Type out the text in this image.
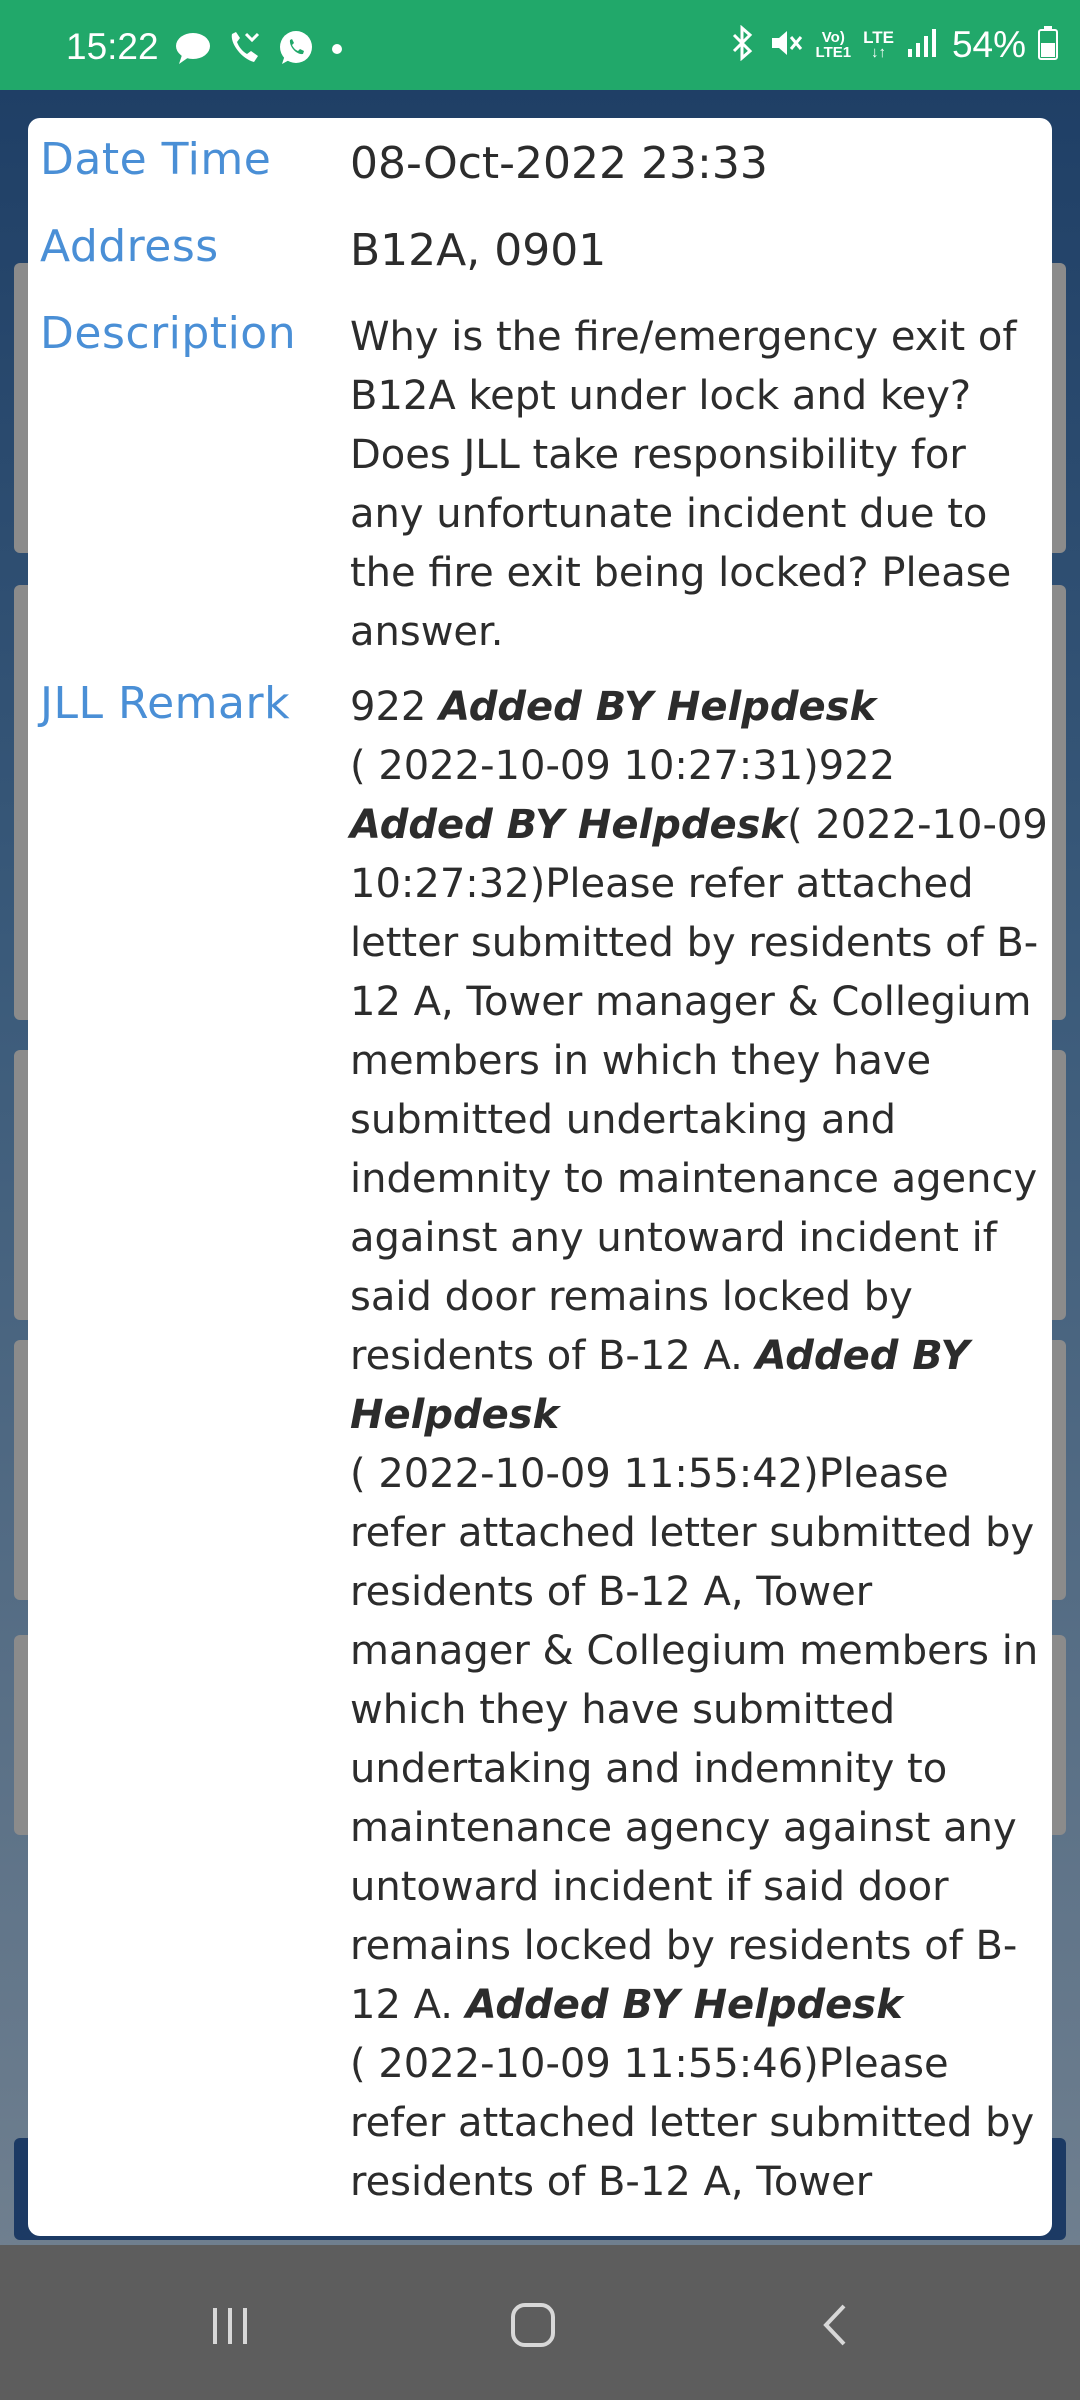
15:22	Vo)
LTE1
LTE
↓↑ 54%
Date Time 08-Oct-2022 23:33
Address	B12A, 0901
Description Why is the fire/emergency exit of B12A kept under lock and key? Does JLL take responsibility for any unfortunate incident due to the fire exit being locked? Please answer.
JLL Remark 922 Added BY Helpdesk
( 2022-10-09 10:27:31)922 Added BY Helpdesk( 2022-10-09 10:27:32)Please refer attached letter submitted by residents of B-12 A, Tower manager & Collegium members in which they have submitted undertaking and indemnity to maintenance agency against any untoward incident if said door remains locked by residents of B-12 A. Added BY Helpdesk
( 2022-10-09 11:55:42)Please refer attached letter submitted by residents of B-12 A, Tower manager & Collegium members in which they have submitted undertaking and indemnity to maintenance agency against any untoward incident if said door remains locked by residents of B-12 A. Added BY Helpdesk
( 2022-10-09 11:55:46)Please refer attached letter submitted by residents of B-12 A, Tower
